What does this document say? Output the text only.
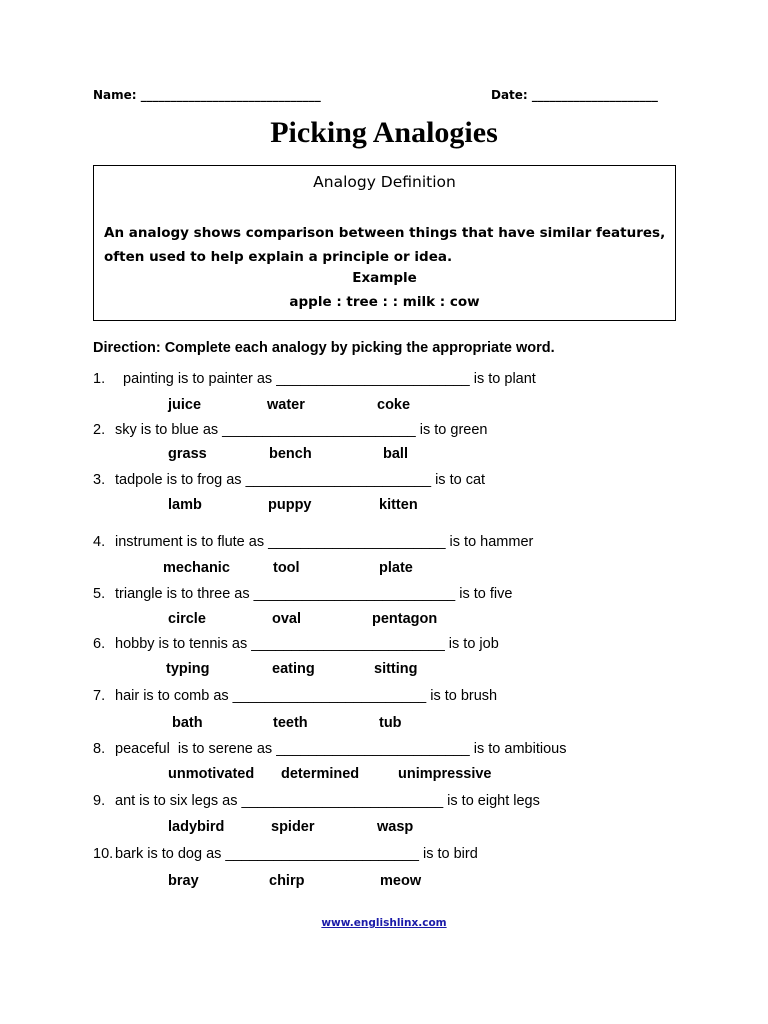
Name: ______________________________	Date: _____________________
Picking Analogies
Analogy Definition
An analogy shows comparison between things that have similar features, often used to help explain a principle or idea.
Example
apple : tree : : milk : cow
Direction: Complete each analogy by picking the appropriate word.
1.  painting is to painter as ________________________ is to plant
juice	water	coke
2. sky is to blue as ________________________ is to green
grass	bench	ball
3. tadpole is to frog as _______________________ is to cat
lamb	puppy	kitten
4. instrument is to flute as ______________________ is to hammer
mechanic	tool	plate
5. triangle is to three as _________________________ is to five
circle	oval	pentagon
6. hobby is to tennis as ________________________ is to job
typing	eating	sitting
7. hair is to comb as ________________________ is to brush
bath	teeth	tub
8. peaceful  is to serene as ________________________ is to ambitious
unmotivated determined	unimpressive
9. ant is to six legs as _________________________ is to eight legs
ladybird	spider	wasp
10. bark is to dog as ________________________ is to bird
bray	chirp	meow
www.englishlinx.com
